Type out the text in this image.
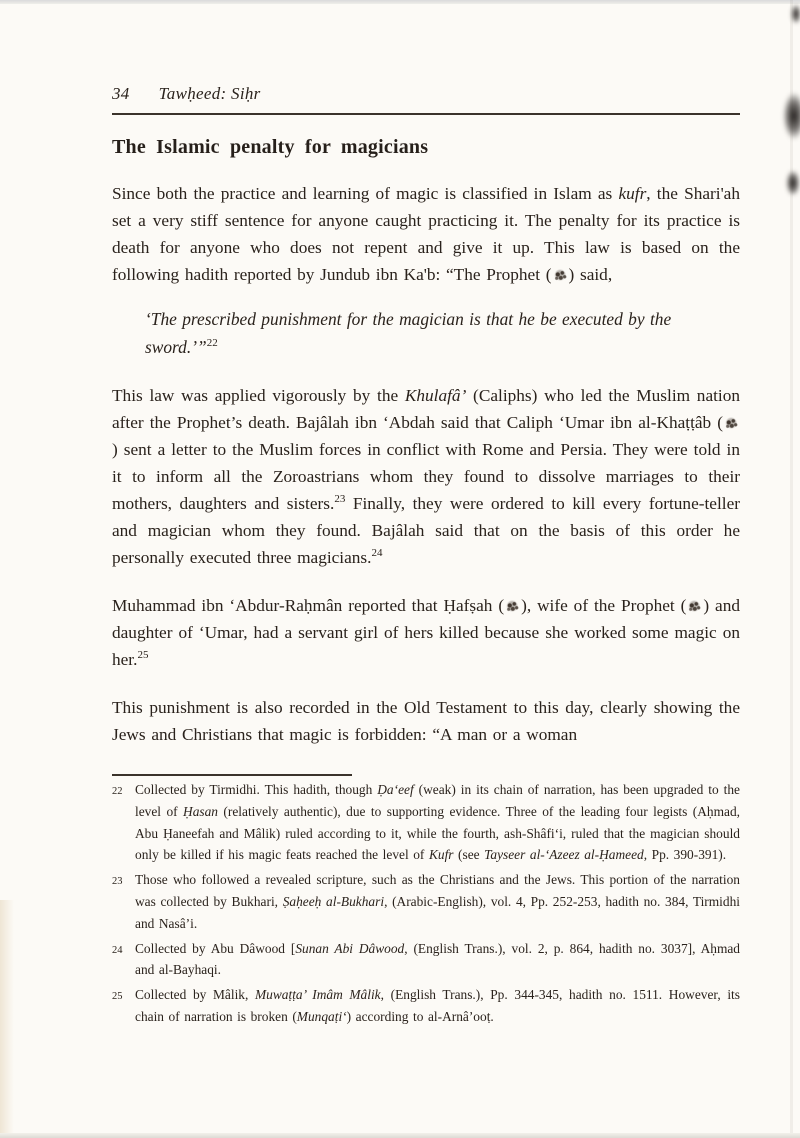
34 Tawḥeed: Siḥr
The Islamic penalty for magicians

Since both the practice and learning of magic is classified in Islam as kufr, the Shari'ah set a very stiff sentence for anyone caught practicing it. The penalty for its practice is death for anyone who does not repent and give it up. This law is based on the following hadith reported by Jundub ibn Ka'b: “The Prophet ( ) said,

‘The prescribed punishment for the magician is that he be executed by the sword.’”$^{22}$

This law was applied vigorously by the Khulafâ’ (Caliphs) who led the Muslim nation after the Prophet’s death. Bajâlah ibn ‘Abdah said that Caliph ‘Umar ibn al-Khaṭṭâb () sent a letter to the Muslim forces in conflict with Rome and Persia. They were told in it to inform all the Zoroastrians whom they found to dissolve marriages to their mothers, daughters and sisters.$^{23}$ Finally, they were ordered to kill every fortune-teller and magician whom they found. Bajâlah said that on the basis of this order he personally executed three magicians.$^{24}$

Muhammad ibn ‘Abdur-Raḥmân reported that Ḥafṣah ( ), wife of the Prophet ( ) and daughter of ‘Umar, had a servant girl of hers killed because she worked some magic on her.$^{25}$

This punishment is also recorded in the Old Testament to this day, clearly showing the Jews and Christians that magic is forbidden: “A man or a woman

22 Collected by Tirmidhi. This hadith, though Ḍa‘eef (weak) in its chain of narration, has been upgraded to the level of Ḥasan (relatively authentic), due to supporting evidence. Three of the leading four legists (Aḥmad, Abu Ḥaneefah and Mâlik) ruled according to it, while the fourth, ash-Shâfi‘i, ruled that the magician should only be killed if his magic feats reached the level of Kufr (see Tayseer al-‘Azeez al-Ḥameed, Pp. 390-391).
23 Those who followed a revealed scripture, such as the Christians and the Jews. This portion of the narration was collected by Bukhari, Ṣaḥeeḥ al-Bukhari, (Arabic-English), vol. 4, Pp. 252-253, hadith no. 384, Tirmidhi and Nasâ’i.
24 Collected by Abu Dâwood [Sunan Abi Dâwood, (English Trans.), vol. 2, p. 864, hadith no. 3037], Aḥmad and al-Bayhaqi.
25 Collected by Mâlik, Muwaṭṭa’ Imâm Mâlik, (English Trans.), Pp. 344-345, hadith no. 1511. However, its chain of narration is broken (Munqaṭi‘) according to al-Arnâ’ooṭ.
